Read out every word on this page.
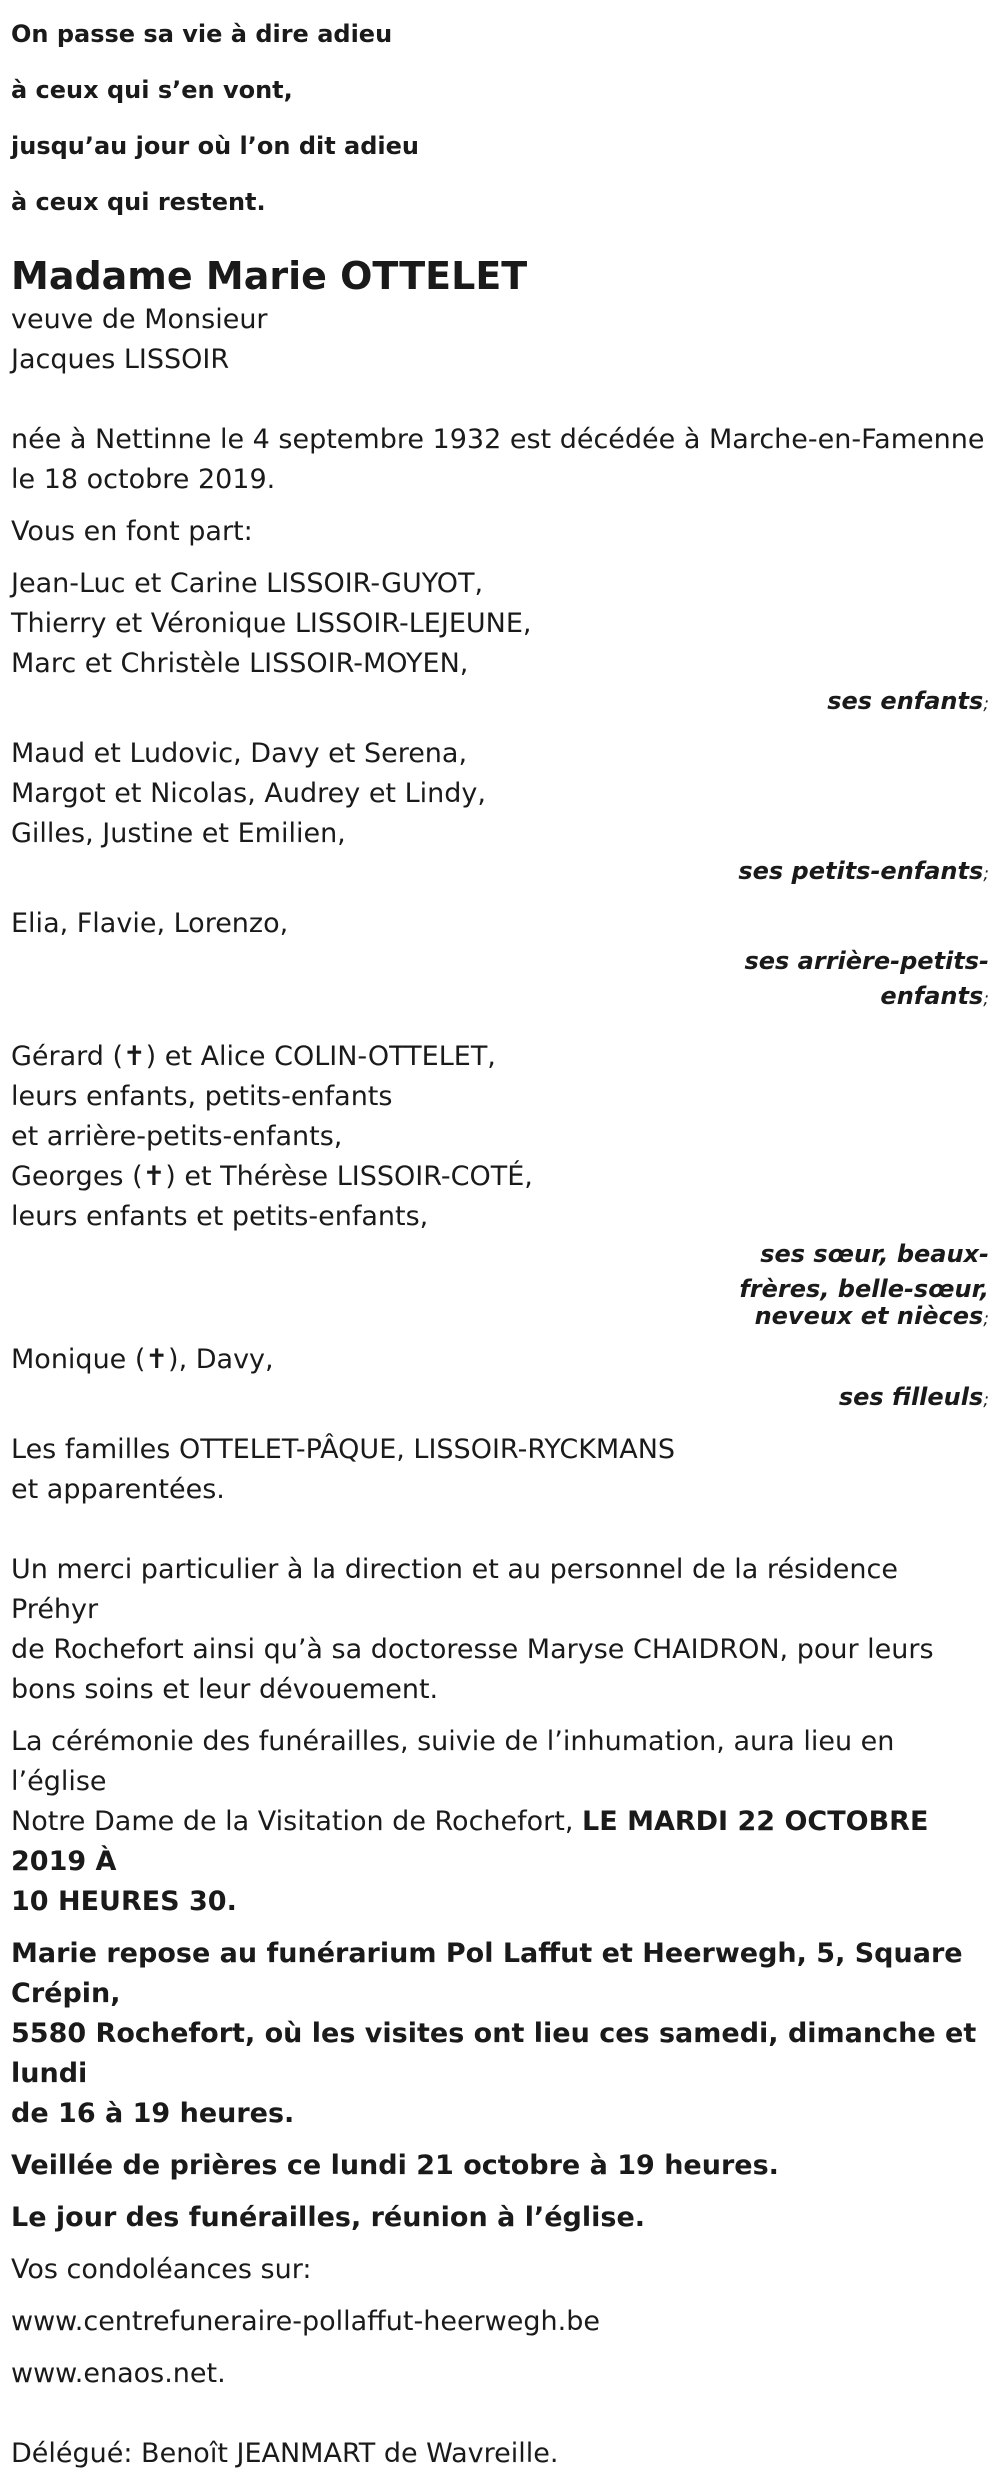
On passe sa vie à dire adieu
à ceux qui s’en vont,
jusqu’au jour où l’on dit adieu
à ceux qui restent.
Madame Marie OTTELET
veuve de Monsieur
Jacques LISSOIR
née à Nettinne le 4 septembre 1932 est décédée à Marche-en-Famenne
le 18 octobre 2019.
Vous en font part:
Jean-Luc et Carine LISSOIR-GUYOT,
Thierry et Véronique LISSOIR-LEJEUNE,
Marc et Christèle LISSOIR-MOYEN,
ses enfants;
Maud et Ludovic, Davy et Serena,
Margot et Nicolas, Audrey et Lindy,
Gilles, Justine et Emilien,
ses petits-enfants;
Elia, Flavie, Lorenzo,
ses arrière-petits-
enfants;
Gérard (✝) et Alice COLIN-OTTELET,
leurs enfants, petits-enfants
et arrière-petits-enfants,
Georges (✝) et Thérèse LISSOIR-COTÉ,
leurs enfants et petits-enfants,
ses sœur, beaux-
frères, belle-sœur,
neveux et nièces;
Monique (✝), Davy,
ses filleuls;
Les familles OTTELET-PÂQUE, LISSOIR-RYCKMANS
et apparentées.
Un merci particulier à la direction et au personnel de la résidence Préhyr
de Rochefort ainsi qu’à sa doctoresse Maryse CHAIDRON, pour leurs
bons soins et leur dévouement.
La cérémonie des funérailles, suivie de l’inhumation, aura lieu en l’église
Notre Dame de la Visitation de Rochefort, LE MARDI 22 OCTOBRE 2019 À
10 HEURES 30.
Marie repose au funérarium Pol Laffut et Heerwegh, 5, Square Crépin,
5580 Rochefort, où les visites ont lieu ces samedi, dimanche et lundi
de 16 à 19 heures.
Veillée de prières ce lundi 21 octobre à 19 heures.
Le jour des funérailles, réunion à l’église.
Vos condoléances sur:
www.centrefuneraire-pollaffut-heerwegh.be
www.enaos.net.
Délégué: Benoît JEANMART de Wavreille.
